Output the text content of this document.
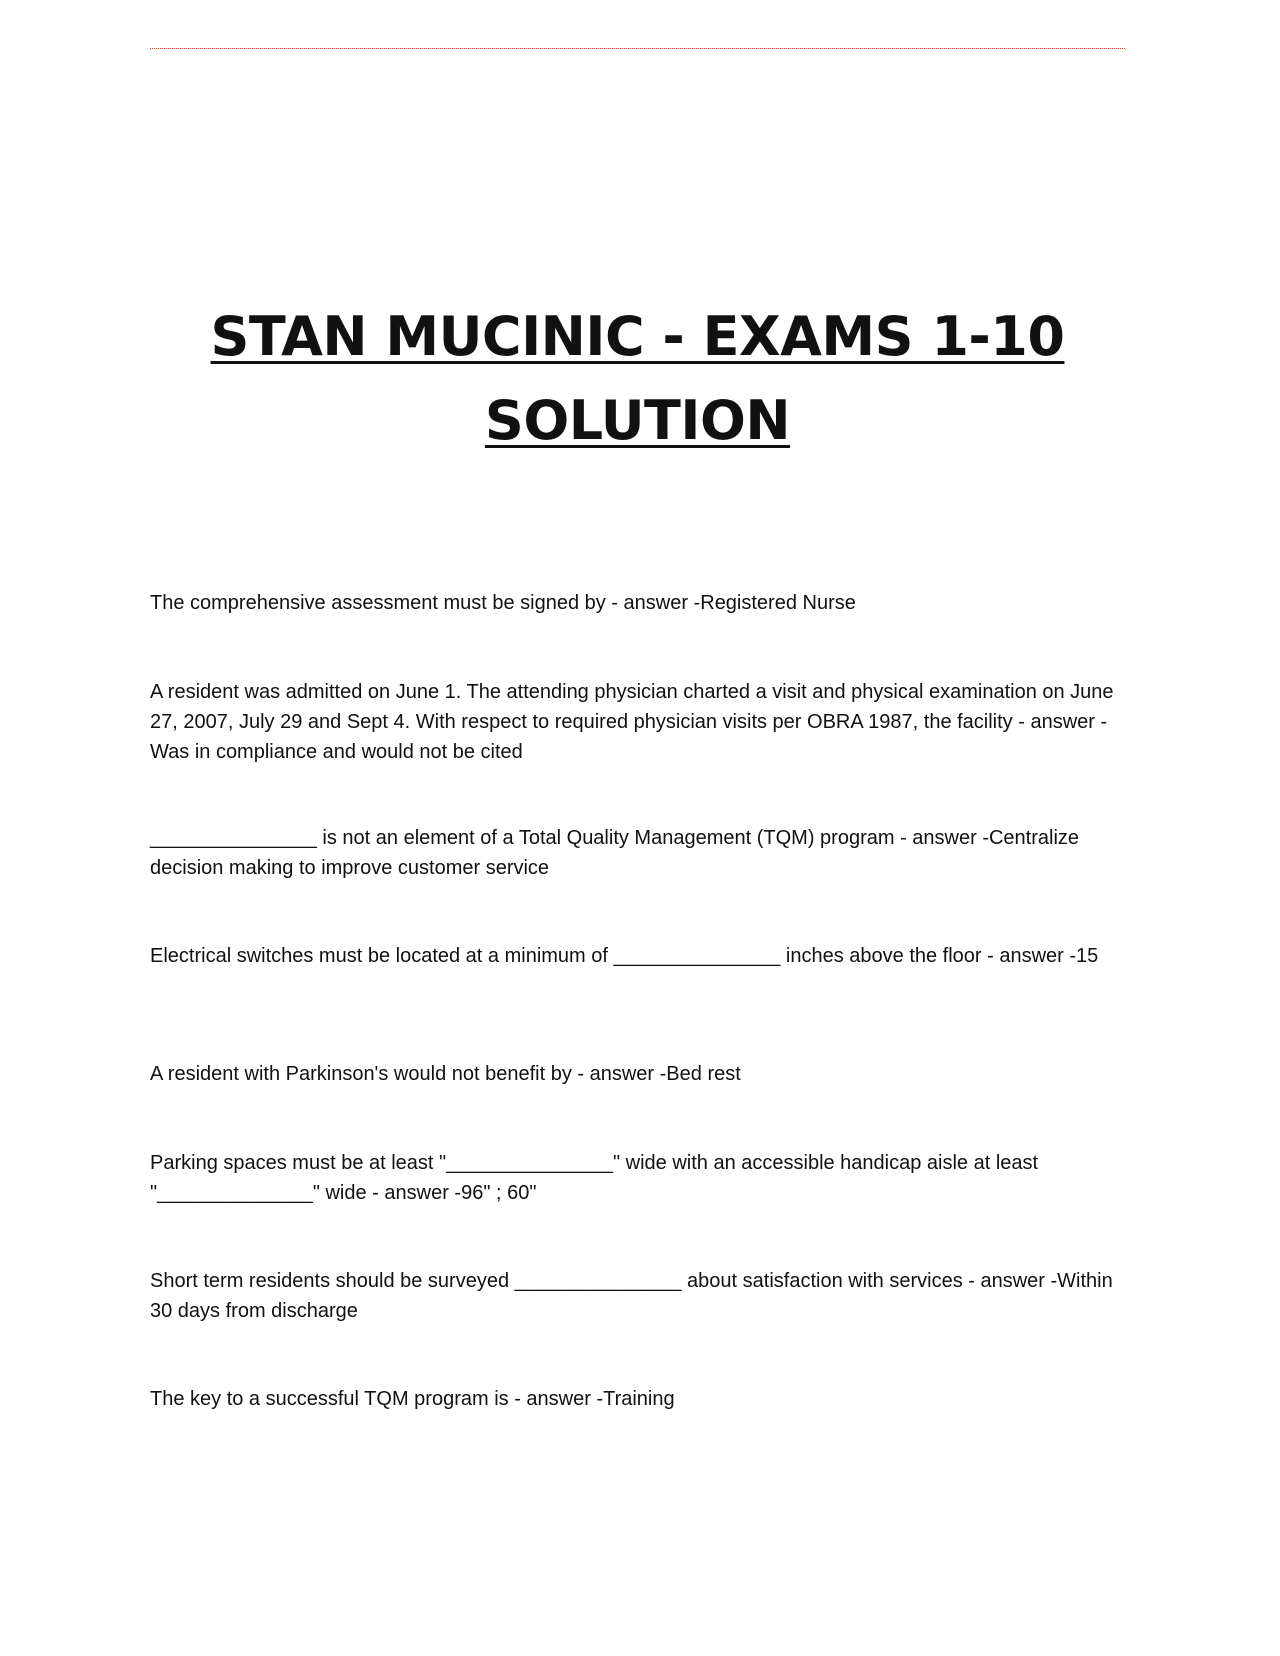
STAN MUCINIC - EXAMS 1-10 SOLUTION

The comprehensive assessment must be signed by - answer -Registered Nurse

A resident was admitted on June 1. The attending physician charted a visit and physical examination on June 27, 2007, July 29 and Sept 4. With respect to required physician visits per OBRA 1987, the facility - answer -Was in compliance and would not be cited

_______________ is not an element of a Total Quality Management (TQM) program - answer -Centralize decision making to improve customer service

Electrical switches must be located at a minimum of _______________ inches above the floor - answer -15

A resident with Parkinson's would not benefit by - answer -Bed rest

Parking spaces must be at least "_______________" wide with an accessible handicap aisle at least "______________" wide - answer -96" ; 60"

Short term residents should be surveyed _______________ about satisfaction with services - answer -Within 30 days from discharge

The key to a successful TQM program is - answer -Training
